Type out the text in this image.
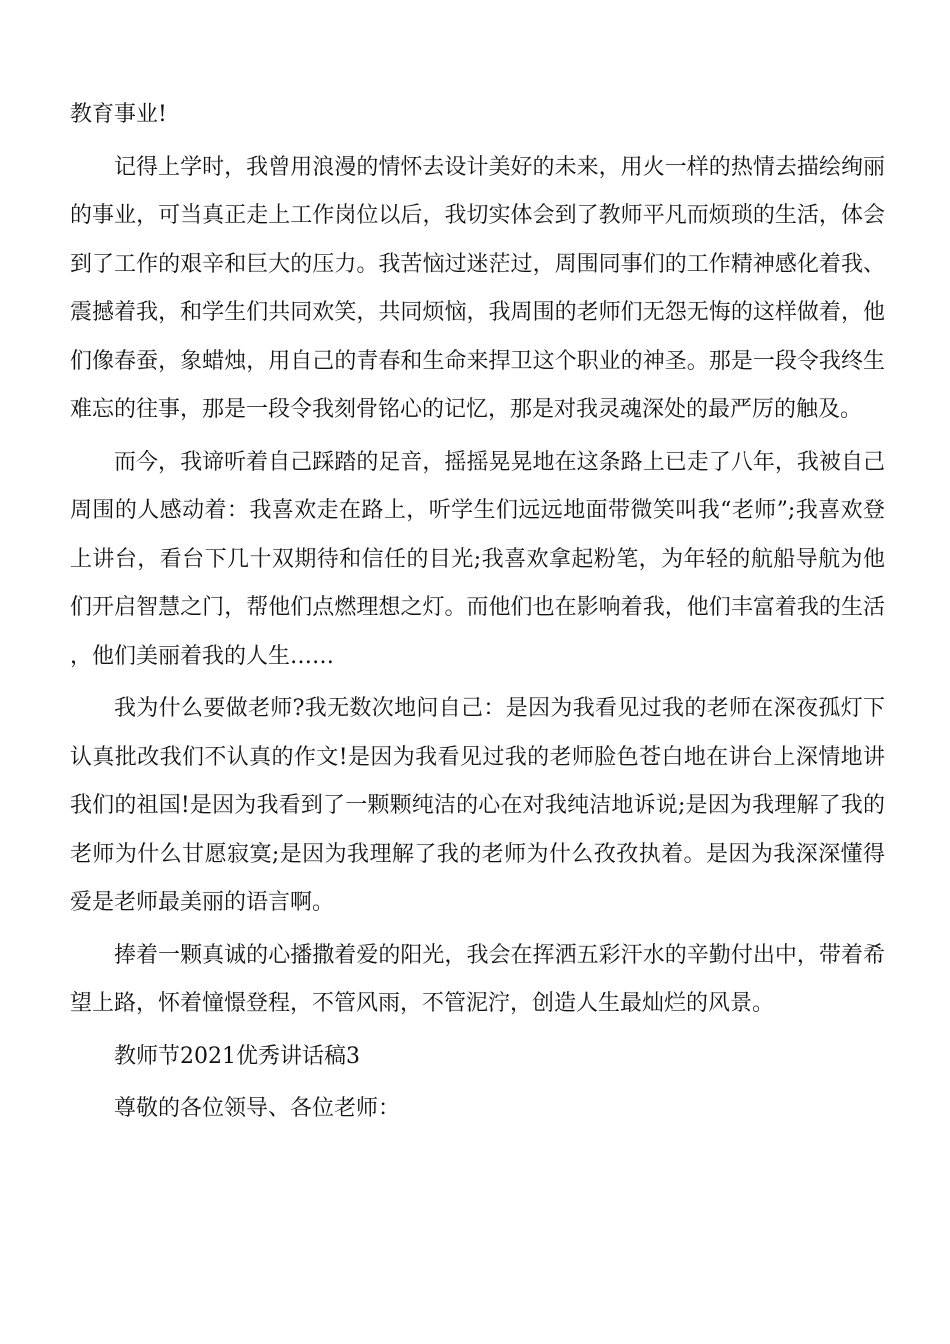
教育事业!

记得上学时，我曾用浪漫的情怀去设计美好的未来，用火一样的热情去描绘绚丽的事业，可当真正走上工作岗位以后，我切实体会到了教师平凡而烦琐的生活，体会到了工作的艰辛和巨大的压力。我苦恼过迷茫过，周围同事们的工作精神感化着我、震撼着我，和学生们共同欢笑，共同烦恼，我周围的老师们无怨无悔的这样做着，他们像春蚕，象蜡烛，用自己的青春和生命来捍卫这个职业的神圣。那是一段令我终生难忘的往事，那是一段令我刻骨铭心的记忆，那是对我灵魂深处的最严厉的触及。

而今，我谛听着自己踩踏的足音，摇摇晃晃地在这条路上已走了八年，我被自己周围的人感动着：我喜欢走在路上，听学生们远远地面带微笑叫我“老师”;我喜欢登上讲台，看台下几十双期待和信任的目光;我喜欢拿起粉笔，为年轻的航船导航为他们开启智慧之门，帮他们点燃理想之灯。而他们也在影响着我，他们丰富着我的生活，他们美丽着我的人生……

我为什么要做老师?我无数次地问自己：是因为我看见过我的老师在深夜孤灯下认真批改我们不认真的作文!是因为我看见过我的老师脸色苍白地在讲台上深情地讲我们的祖国!是因为我看到了一颗颗纯洁的心在对我纯洁地诉说;是因为我理解了我的老师为什么甘愿寂寞;是因为我理解了我的老师为什么孜孜执着。是因为我深深懂得爱是老师最美丽的语言啊。

捧着一颗真诚的心播撒着爱的阳光，我会在挥洒五彩汗水的辛勤付出中，带着希望上路，怀着憧憬登程，不管风雨，不管泥泞，创造人生最灿烂的风景。

教师节2021优秀讲话稿3

尊敬的各位领导、各位老师：
